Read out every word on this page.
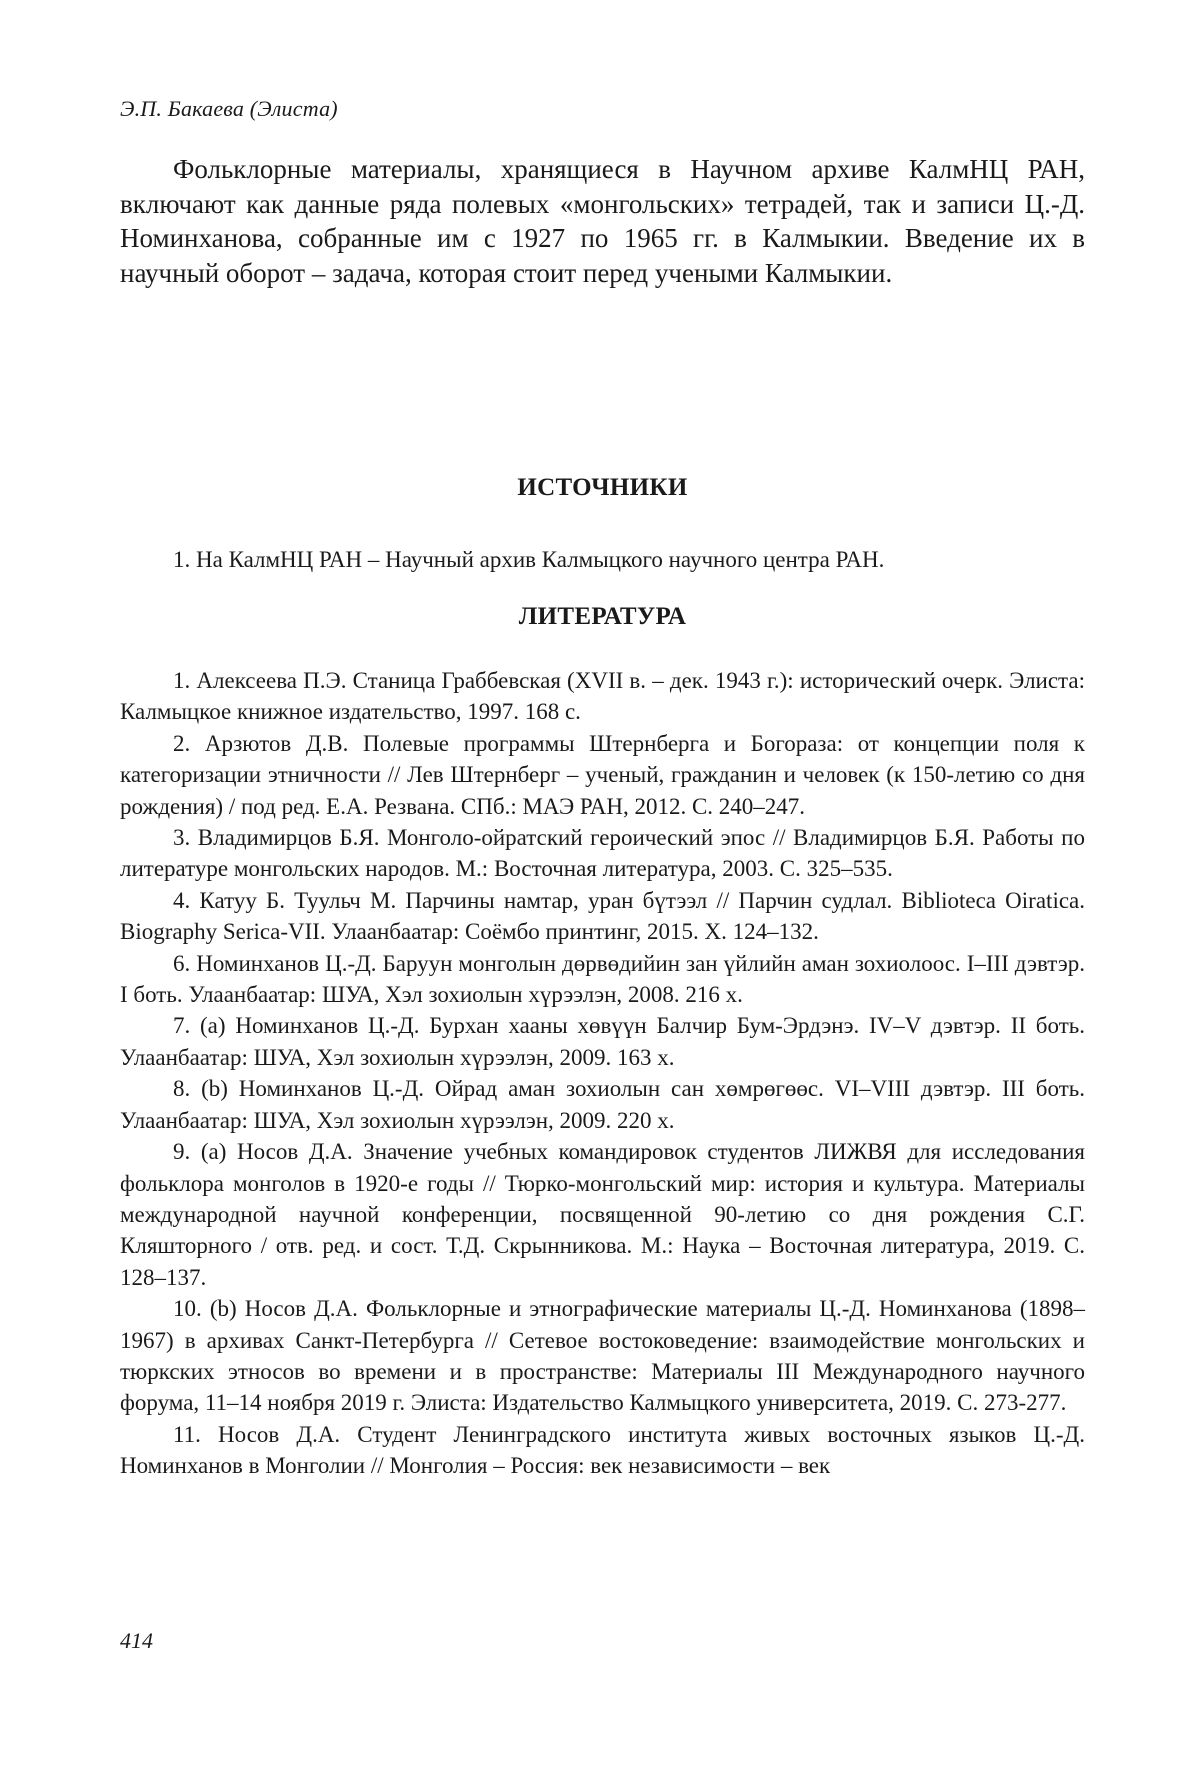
Э.П. Бакаева (Элиста)

Фольклорные материалы, хранящиеся в Научном архиве КалмНЦ РАН, включают как данные ряда полевых «монгольских» тетрадей, так и записи Ц.-Д. Номинханова, собранные им с 1927 по 1965 гг. в Калмыкии. Введение их в научный оборот – задача, которая стоит перед учеными Калмыкии.

ИСТОЧНИКИ

1. На КалмНЦ РАН – Научный архив Калмыцкого научного центра РАН.

ЛИТЕРАТУРА
1. Алексеева П.Э. Станица Граббевская (XVII в. – дек. 1943 г.): исторический очерк. Элиста: Калмыцкое книжное издательство, 1997. 168 с.
2. Арзютов Д.В. Полевые программы Штернберга и Богораза: от концепции поля к категоризации этничности // Лев Штернберг – ученый, гражданин и человек (к 150-летию со дня рождения) / под ред. Е.А. Резвана. СПб.: МАЭ РАН, 2012. С. 240–247.
3. Владимирцов Б.Я. Монголо-ойратский героический эпос // Владимирцов Б.Я. Работы по литературе монгольских народов. М.: Восточная литература, 2003. С. 325–535.
4. Катуу Б. Туульч М. Парчины намтар, уран бүтээл // Парчин судлал. Bibliotecа Oiratica. Biography Serica-VII. Улаанбаатар: Соёмбо принтинг, 2015. Х. 124–132.
6. Номинханов Ц.-Д. Баруун монголын дөрвөдийин зан үйлийн аман зохиолоос. I–III дэвтэр. I боть. Улаанбаатар: ШУА, Хэл зохиолын хүрээлэн, 2008. 216 х.
7. (а) Номинханов Ц.-Д. Бурхан хааны хөвүүн Балчир Бум-Эрдэнэ. IV–V дэвтэр. II боть. Улаанбаатар: ШУА, Хэл зохиолын хүрээлэн, 2009. 163 х.
8. (b) Номинханов Ц.-Д. Ойрад аман зохиолын сан хөмрөгөөс. VI–VIII дэвтэр. III боть. Улаанбаатар: ШУА, Хэл зохиолын хүрээлэн, 2009. 220 х.
9. (а) Носов Д.А. Значение учебных командировок студентов ЛИЖВЯ для исследования фольклора монголов в 1920-е годы // Тюрко-монгольский мир: история и культура. Материалы международной научной конференции, посвященной 90-летию со дня рождения С.Г. Кляшторного / отв. ред. и сост. Т.Д. Скрынникова. М.: Наука – Восточная литература, 2019. С. 128–137.
10. (b) Носов Д.А. Фольклорные и этнографические материалы Ц.-Д. Номинханова (1898–1967) в архивах Санкт-Петербурга // Сетевое востоковедение: взаимодействие монгольских и тюркских этносов во времени и в пространстве: Материалы III Международного научного форума, 11–14 ноября 2019 г. Элиста: Издательство Калмыцкого университета, 2019. С. 273-277.
11. Носов Д.А. Студент Ленинградского института живых восточных языков Ц.-Д. Номинханов в Монголии // Монголия – Россия: век независимости – век
414
